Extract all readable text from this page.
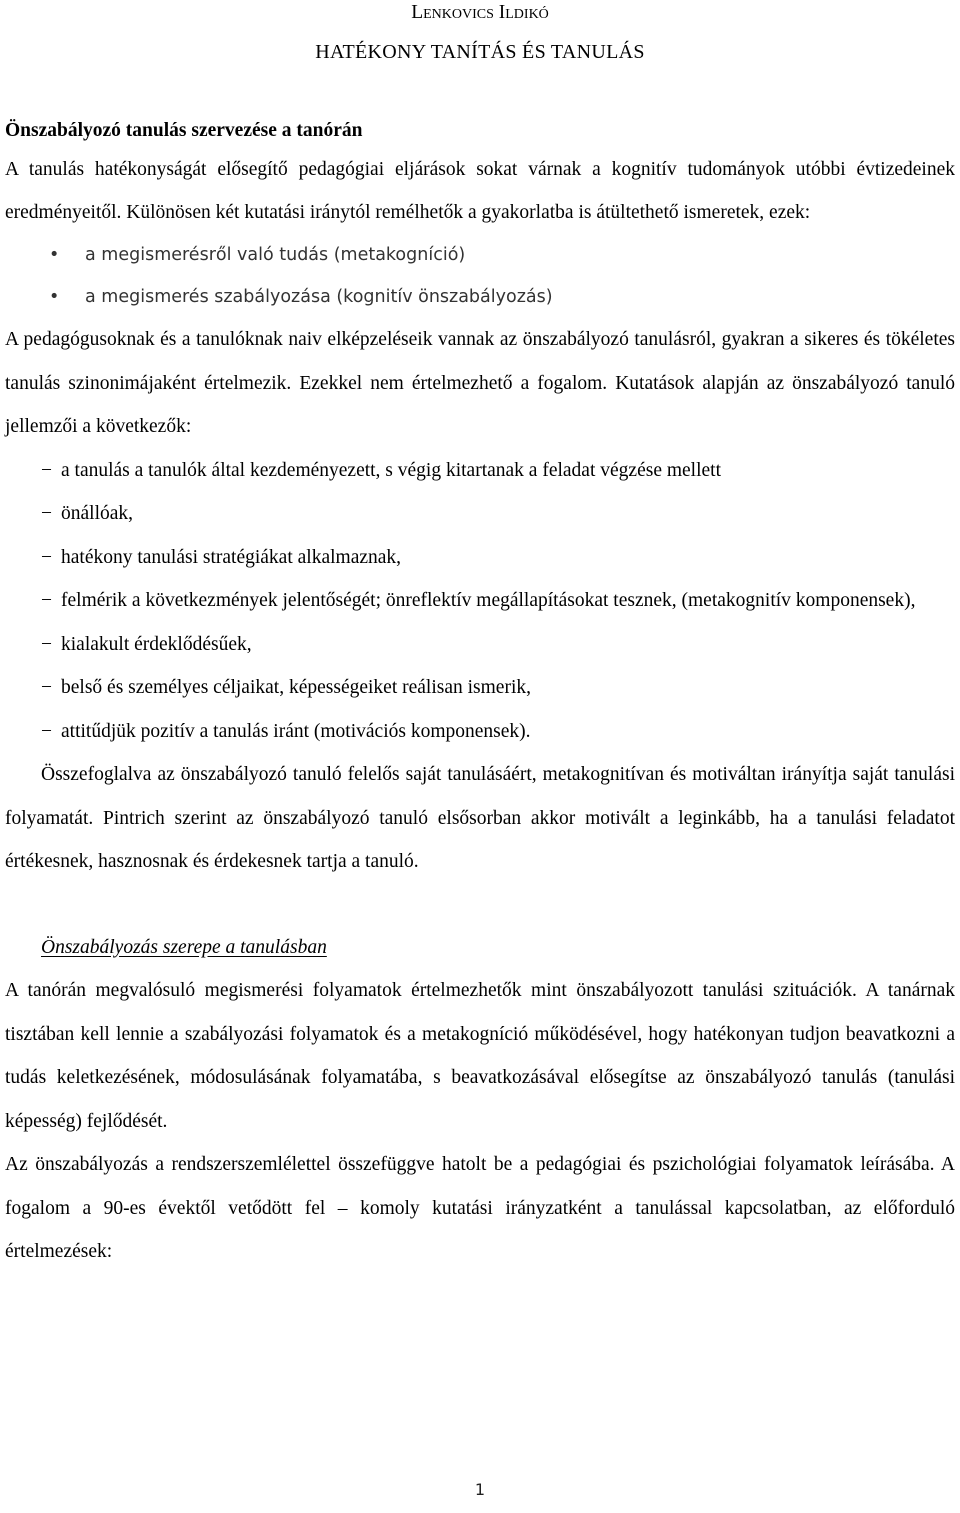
Lenkovics Ildikó
HATÉKONY TANÍTÁS ÉS TANULÁS
Önszabályozó tanulás szervezése a tanórán

A tanulás hatékonyságát elősegítő pedagógiai eljárások sokat várnak a kognitív tudományok utóbbi évtizedeinek eredményeitől. Különösen két kutatási iránytól remélhetők a gyakorlatba is átültethető ismeretek, ezek:

• a megismerésről való tudás (metakogníció)
• a megismerés szabályozása (kognitív önszabályozás)

A pedagógusoknak és a tanulóknak naiv elképzeléseik vannak az önszabályozó tanulásról, gyakran a sikeres és tökéletes tanulás szinonimájaként értelmezik. Ezekkel nem értelmezhető a fogalom. Kutatások alapján az önszabályozó tanuló jellemzői a következők:

− a tanulás a tanulók által kezdeményezett, s végig kitartanak a feladat végzése mellett
− önállóak,
− hatékony tanulási stratégiákat alkalmaznak,
− felmérik a következmények jelentőségét; önreflektív megállapításokat tesznek, (metakognitív komponensek),
− kialakult érdeklődésűek,
− belső és személyes céljaikat, képességeiket reálisan ismerik,
− attitűdjük pozitív a tanulás iránt (motivációs komponensek).

Összefoglalva az önszabályozó tanuló felelős saját tanulásáért, metakognitívan és motiváltan irányítja saját tanulási folyamatát. Pintrich szerint az önszabályozó tanuló elsősorban akkor motivált a leginkább, ha a tanulási feladatot értékesnek, hasznosnak és érdekesnek tartja a tanuló.

Önszabályozás szerepe a tanulásban

A tanórán megvalósuló megismerési folyamatok értelmezhetők mint önszabályozott tanulási szituációk. A tanárnak tisztában kell lennie a szabályozási folyamatok és a metakogníció működésével, hogy hatékonyan tudjon beavatkozni a tudás keletkezésének, módosulásának folyamatába, s beavatkozásával elősegítse az önszabályozó tanulás (tanulási képesség) fejlődését.

Az önszabályozás a rendszerszemlélettel összefüggve hatolt be a pedagógiai és pszichológiai folyamatok leírásába. A fogalom a 90-es évektől vetődött fel – komoly kutatási irányzatként a tanulással kapcsolatban, az előforduló értelmezések:

1
